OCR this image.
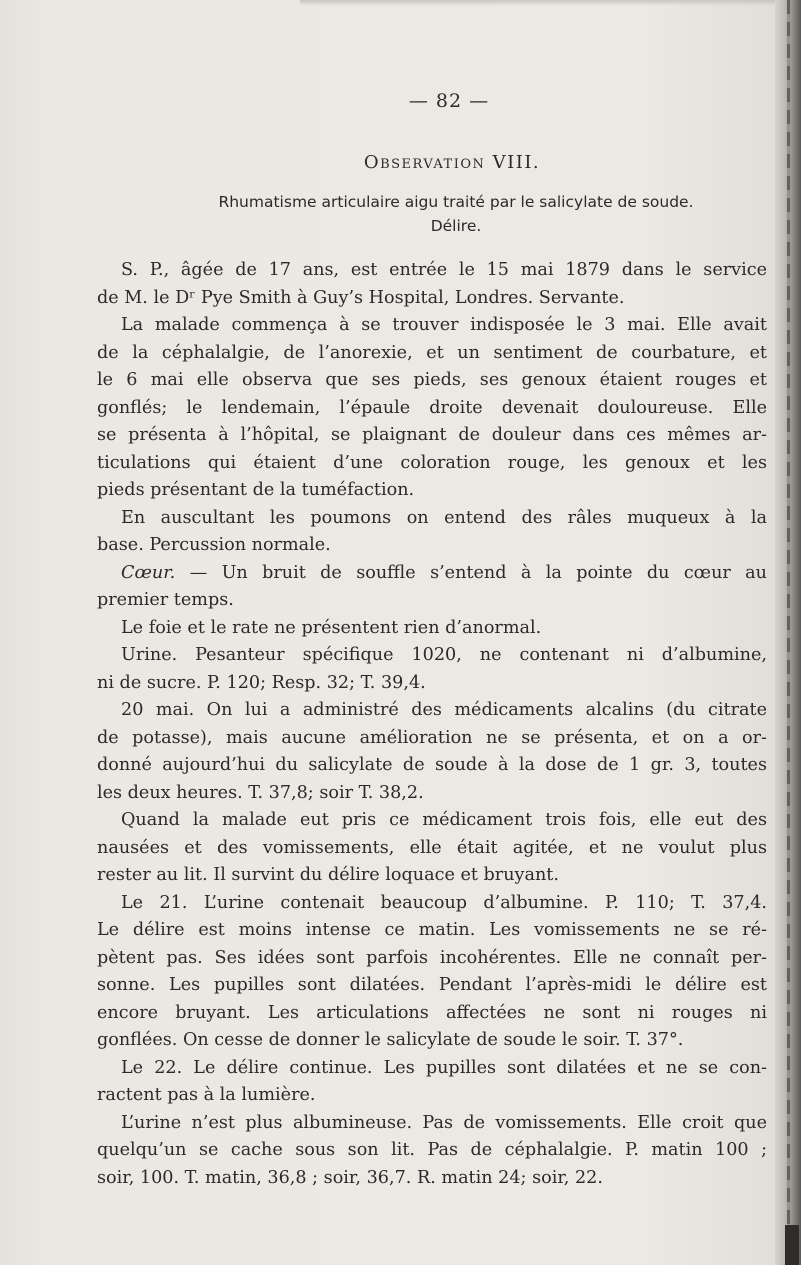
— 82 —
Observation VIII.
Rhumatisme articulaire aigu traité par le salicylate de soude.
Délire.
S. P., âgée de 17 ans, est entrée le 15 mai 1879 dans le service
de M. le Dʳ Pye Smith à Guy’s Hospital, Londres. Servante.
La malade commença à se trouver indisposée le 3 mai. Elle avait
de la céphalalgie, de l’anorexie, et un sentiment de courbature, et
le 6 mai elle observa que ses pieds, ses genoux étaient rouges et
gonflés; le lendemain, l’épaule droite devenait douloureuse. Elle
se présenta à l’hôpital, se plaignant de douleur dans ces mêmes ar-
ticulations qui étaient d’une coloration rouge, les genoux et les
pieds présentant de la tuméfaction.
En auscultant les poumons on entend des râles muqueux à la
base. Percussion normale.
Cœur. — Un bruit de souffle s’entend à la pointe du cœur au
premier temps.
Le foie et le rate ne présentent rien d’anormal.
Urine. Pesanteur spécifique 1020, ne contenant ni d’albumine,
ni de sucre. P. 120; Resp. 32; T. 39,4.
20 mai. On lui a administré des médicaments alcalins (du citrate
de potasse), mais aucune amélioration ne se présenta, et on a or-
donné aujourd’hui du salicylate de soude à la dose de 1 gr. 3, toutes
les deux heures. T. 37,8; soir T. 38,2.
Quand la malade eut pris ce médicament trois fois, elle eut des
nausées et des vomissements, elle était agitée, et ne voulut plus
rester au lit. Il survint du délire loquace et bruyant.
Le 21. L’urine contenait beaucoup d’albumine. P. 110; T. 37,4.
Le délire est moins intense ce matin. Les vomissements ne se ré-
pètent pas. Ses idées sont parfois incohérentes. Elle ne connaît per-
sonne. Les pupilles sont dilatées. Pendant l’après-midi le délire est
encore bruyant. Les articulations affectées ne sont ni rouges ni
gonflées. On cesse de donner le salicylate de soude le soir. T. 37°.
Le 22. Le délire continue. Les pupilles sont dilatées et ne se con-
ractent pas à la lumière.
L’urine n’est plus albumineuse. Pas de vomissements. Elle croit que
quelqu’un se cache sous son lit. Pas de céphalalgie. P. matin 100 ;
soir, 100. T. matin, 36,8 ; soir, 36,7. R. matin 24; soir, 22.
